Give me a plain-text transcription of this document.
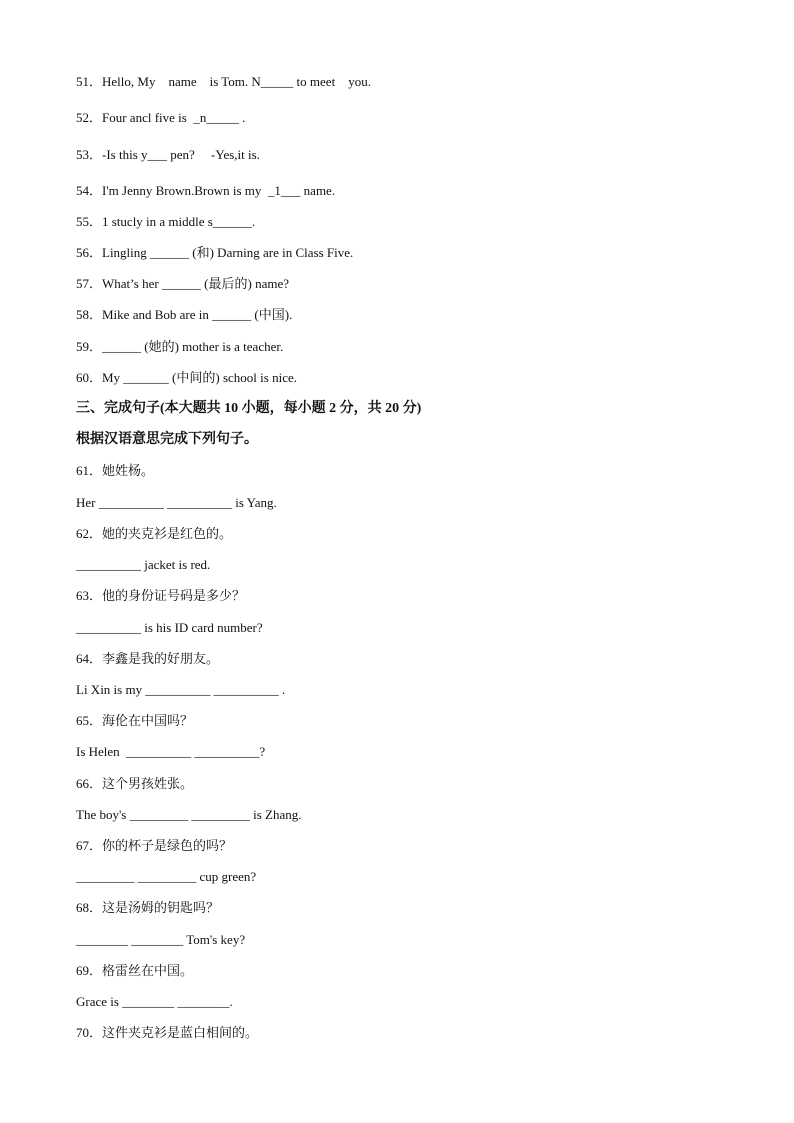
51．Hello, My    name    is Tom. N_____ to meet    you.
52．Four ancl five is  _n_____ .
53．-Is this y___ pen?     -Yes,it is.
54．I'm Jenny Brown.Brown is my  _1___ name.
55．1 stucly in a middle s______.
56．Lingling ______ (和) Darning are in Class Five.
57．What’s her ______ (最后的) name?
58．Mike and Bob are in ______ (中国).
59．______ (她的) mother is a teacher.
60．My _______ (中间的) school is nice.
三、完成句子(本大题共 10 小题，每小题 2 分，共 20 分)
根据汉语意思完成下列句子。
61．她姓杨。
Her __________ __________ is Yang.
62．她的夹克衫是红色的。
__________ jacket is red.
63．他的身份证号码是多少？
__________ is his ID card number?
64．李鑫是我的好朋友。
Li Xin is my __________ __________ .
65．海伦在中国吗？
Is Helen  __________ __________?
66．这个男孩姓张。
The boy's _________ _________ is Zhang.
67．你的杯子是绿色的吗？
_________ _________ cup green?
68．这是汤姆的钥匙吗？
________ ________ Tom's key?
69．格雷丝在中国。
Grace is ________ ________.
70．这件夹克衫是蓝白相间的。
